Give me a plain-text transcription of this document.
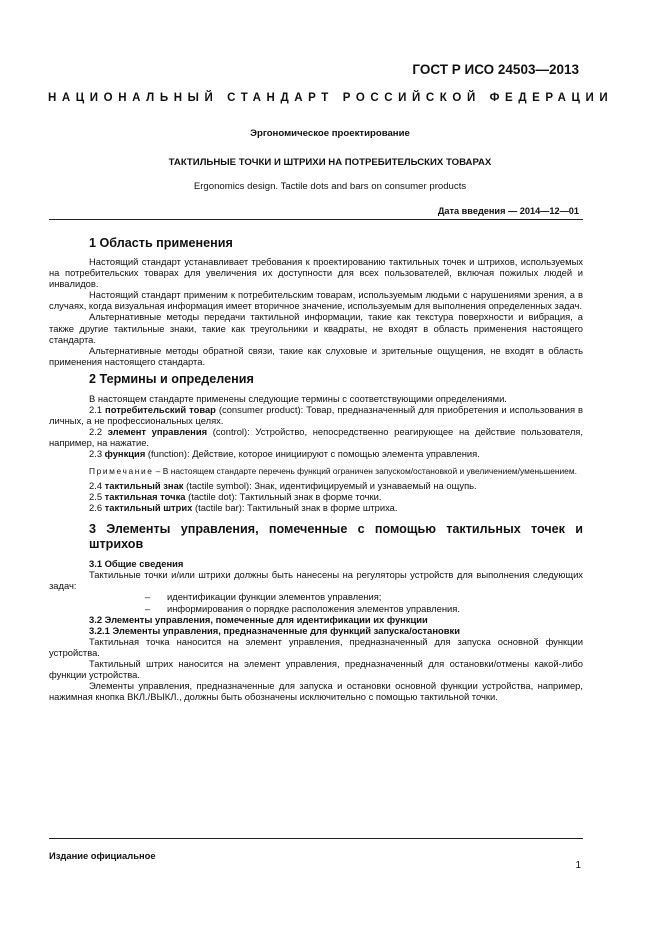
ГОСТ Р ИСО 24503—2013
НАЦИОНАЛЬНЫЙ СТАНДАРТ РОССИЙСКОЙ ФЕДЕРАЦИИ
Эргономическое проектирование
ТАКТИЛЬНЫЕ ТОЧКИ И ШТРИХИ НА ПОТРЕБИТЕЛЬСКИХ ТОВАРАХ
Ergonomics design. Tactile dots and bars on consumer products
Дата введения — 2014—12—01
1 Область применения

Настоящий стандарт устанавливает требования к проектированию тактильных точек и штрихов, используемых на потребительских товарах для увеличения их доступности для всех пользователей, включая пожилых людей и инвалидов.

Настоящий стандарт применим к потребительским товарам, используемым людьми с нарушениями зрения, а в случаях, когда визуальная информация имеет вторичное значение, используемым для выполнения определенных задач.

Альтернативные методы передачи тактильной информации, такие как текстура поверхности и вибрация, а также другие тактильные знаки, такие как треугольники и квадраты, не входят в область применения настоящего стандарта.

Альтернативные методы обратной связи, такие как слуховые и зрительные ощущения, не входят в область применения настоящего стандарта.

2 Термины и определения

В настоящем стандарте применены следующие термины с соответствующими определениями.

2.1 потребительский товар (consumer product): Товар, предназначенный для приобретения и использования в личных, а не профессиональных целях.

2.2 элемент управления (control): Устройство, непосредственно реагирующее на действие пользователя, например, на нажатие.

2.3 функция (function): Действие, которое инициируют с помощью элемента управления.

Примечание – В настоящем стандарте перечень функций ограничен запуском/остановкой и увеличением/уменьшением.

2.4 тактильный знак (tactile symbol): Знак, идентифицируемый и узнаваемый на ощупь.

2.5 тактильная точка (tactile dot): Тактильный знак в форме точки.

2.6 тактильный штрих (tactile bar): Тактильный знак в форме штриха.

3 Элементы управления, помеченные с помощью тактильных точек и штрихов
3.1 Общие сведения

Тактильные точки и/или штрихи должны быть нанесены на регуляторы устройств для выполнения следующих задач:

– идентификации функции элементов управления;

– информирования о порядке расположения элементов управления.

3.2 Элементы управления, помеченные для идентификации их функции
3.2.1 Элементы управления, предназначенные для функций запуска/остановки

Тактильная точка наносится на элемент управления, предназначенный для запуска основной функции устройства.

Тактильный штрих наносится на элемент управления, предназначенный для остановки/отмены какой-либо функции устройства.

Элементы управления, предназначенные для запуска и остановки основной функции устройства, например, нажимная кнопка ВКЛ./ВЫКЛ., должны быть обозначены исключительно с помощью тактильной точки.

Издание официальное
1
